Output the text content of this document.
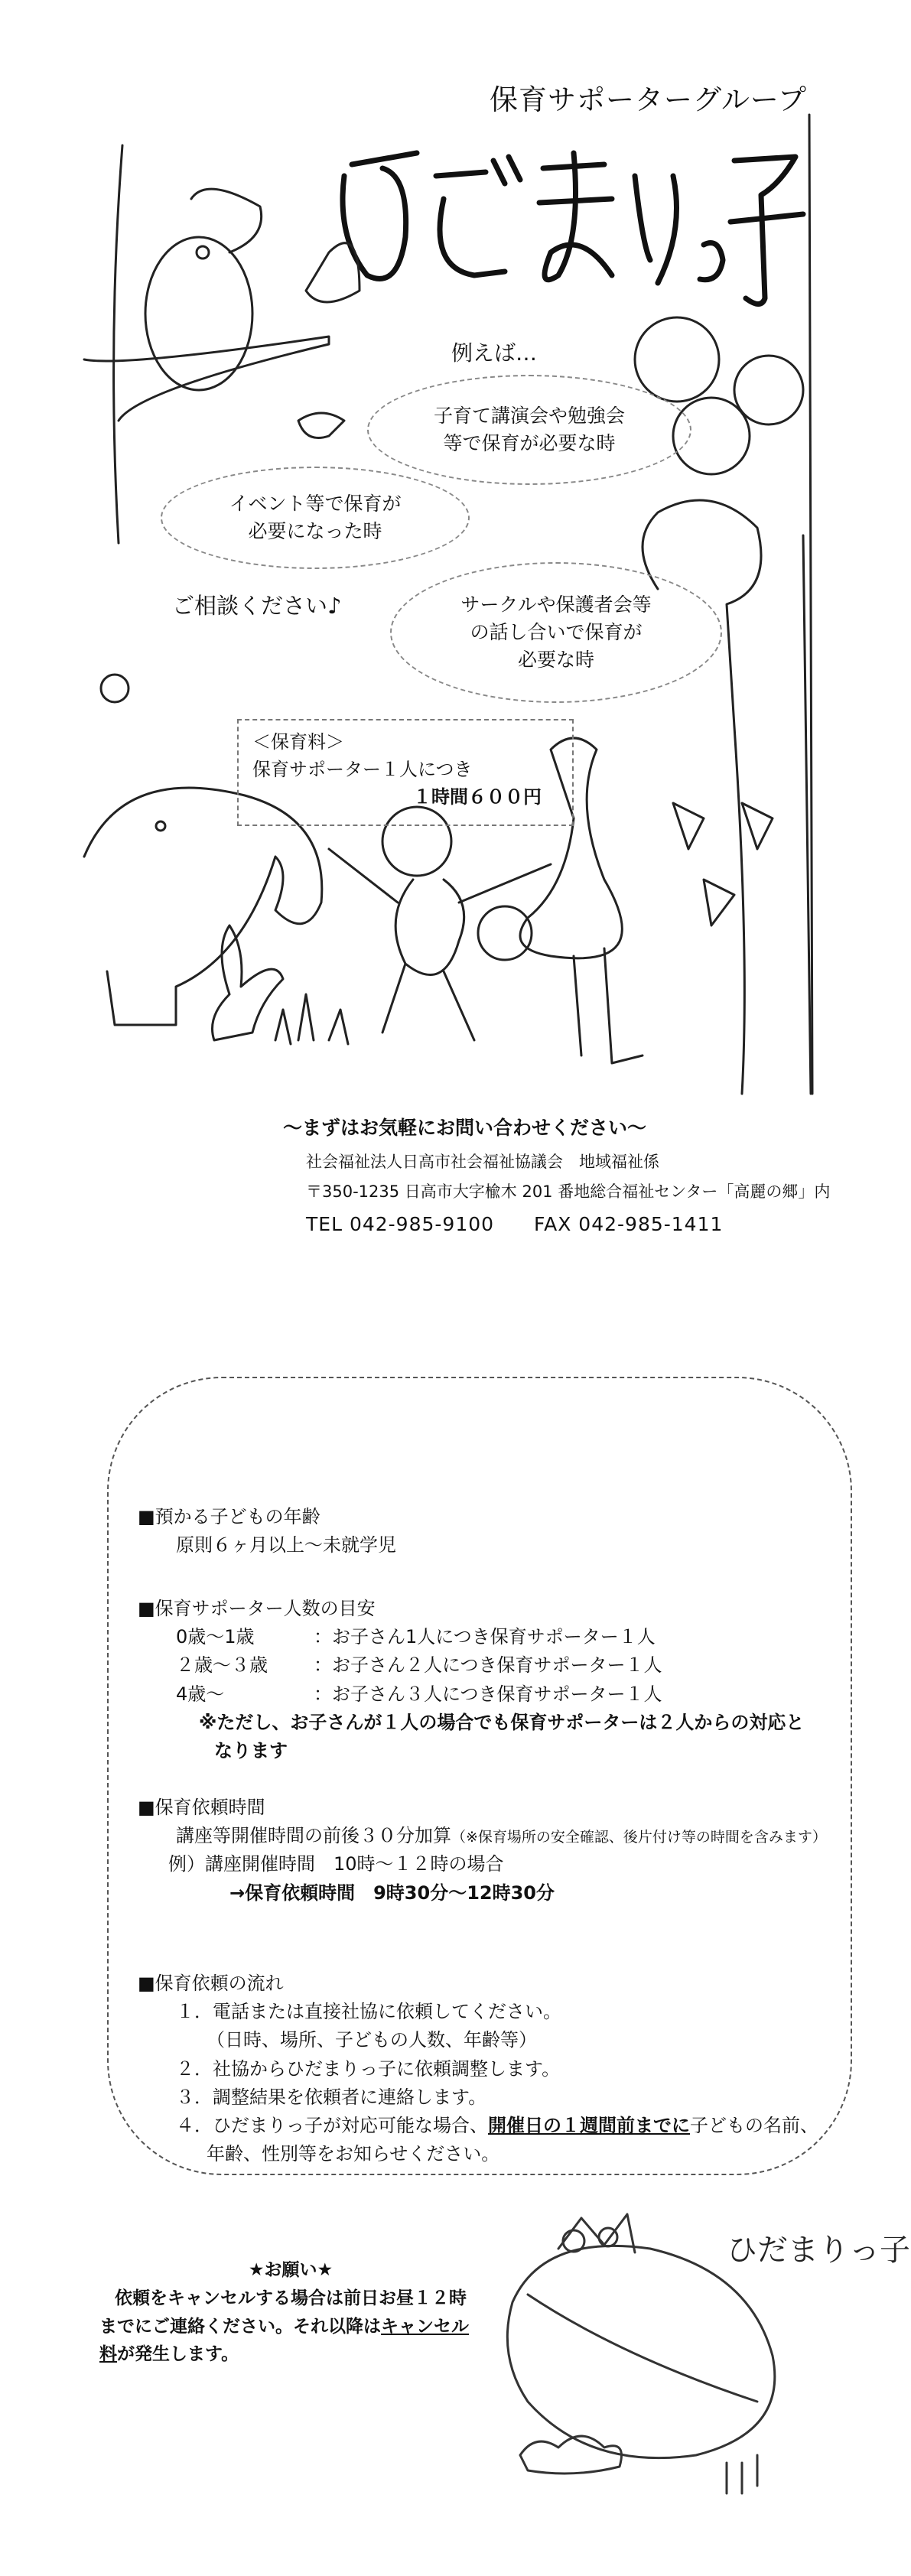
保育サポーターグループ
例えば…
子育て講演会や勉強会
等で保育が必要な時
イベント等で保育が
必要になった時
サークルや保護者会等
の話し合いで保育が
必要な時
ご相談ください♪
＜保育料＞
保育サポーター１人につき
１時間６００円
～まずはお気軽にお問い合わせください～
社会福祉法人日高市社会福祉協議会　地域福祉係
〒350-1235 日高市大字楡木 201 番地総合福祉センター「高麗の郷」内
TEL 042-985-9100　　FAX 042-985-1411
■預かる子どもの年齢
原則６ヶ月以上～未就学児
■保育サポーター人数の目安
0歳～1歳	：お子さん1人につき保育サポーター１人
２歳～３歳	：お子さん２人につき保育サポーター１人
4歳～	：お子さん３人につき保育サポーター１人
※ただし、お子さんが１人の場合でも保育サポーターは２人からの対応と
なります
■保育依頼時間
講座等開催時間の前後３０分加算（※保育場所の安全確認、後片付け等の時間を含みます）
例）講座開催時間　10時～１２時の場合
→保育依頼時間　9時30分～12時30分
■保育依頼の流れ
１．電話または直接社協に依頼してください。
（日時、場所、子どもの人数、年齢等）
２．社協からひだまりっ子に依頼調整します。
３．調整結果を依頼者に連絡します。
４．ひだまりっ子が対応可能な場合、開催日の１週間前までに子どもの名前、
年齢、性別等をお知らせください。
★お願い★
依頼をキャンセルする場合は前日お昼１２時
までにご連絡ください。それ以降はキャンセル
料が発生します。
ひだまりっ子
